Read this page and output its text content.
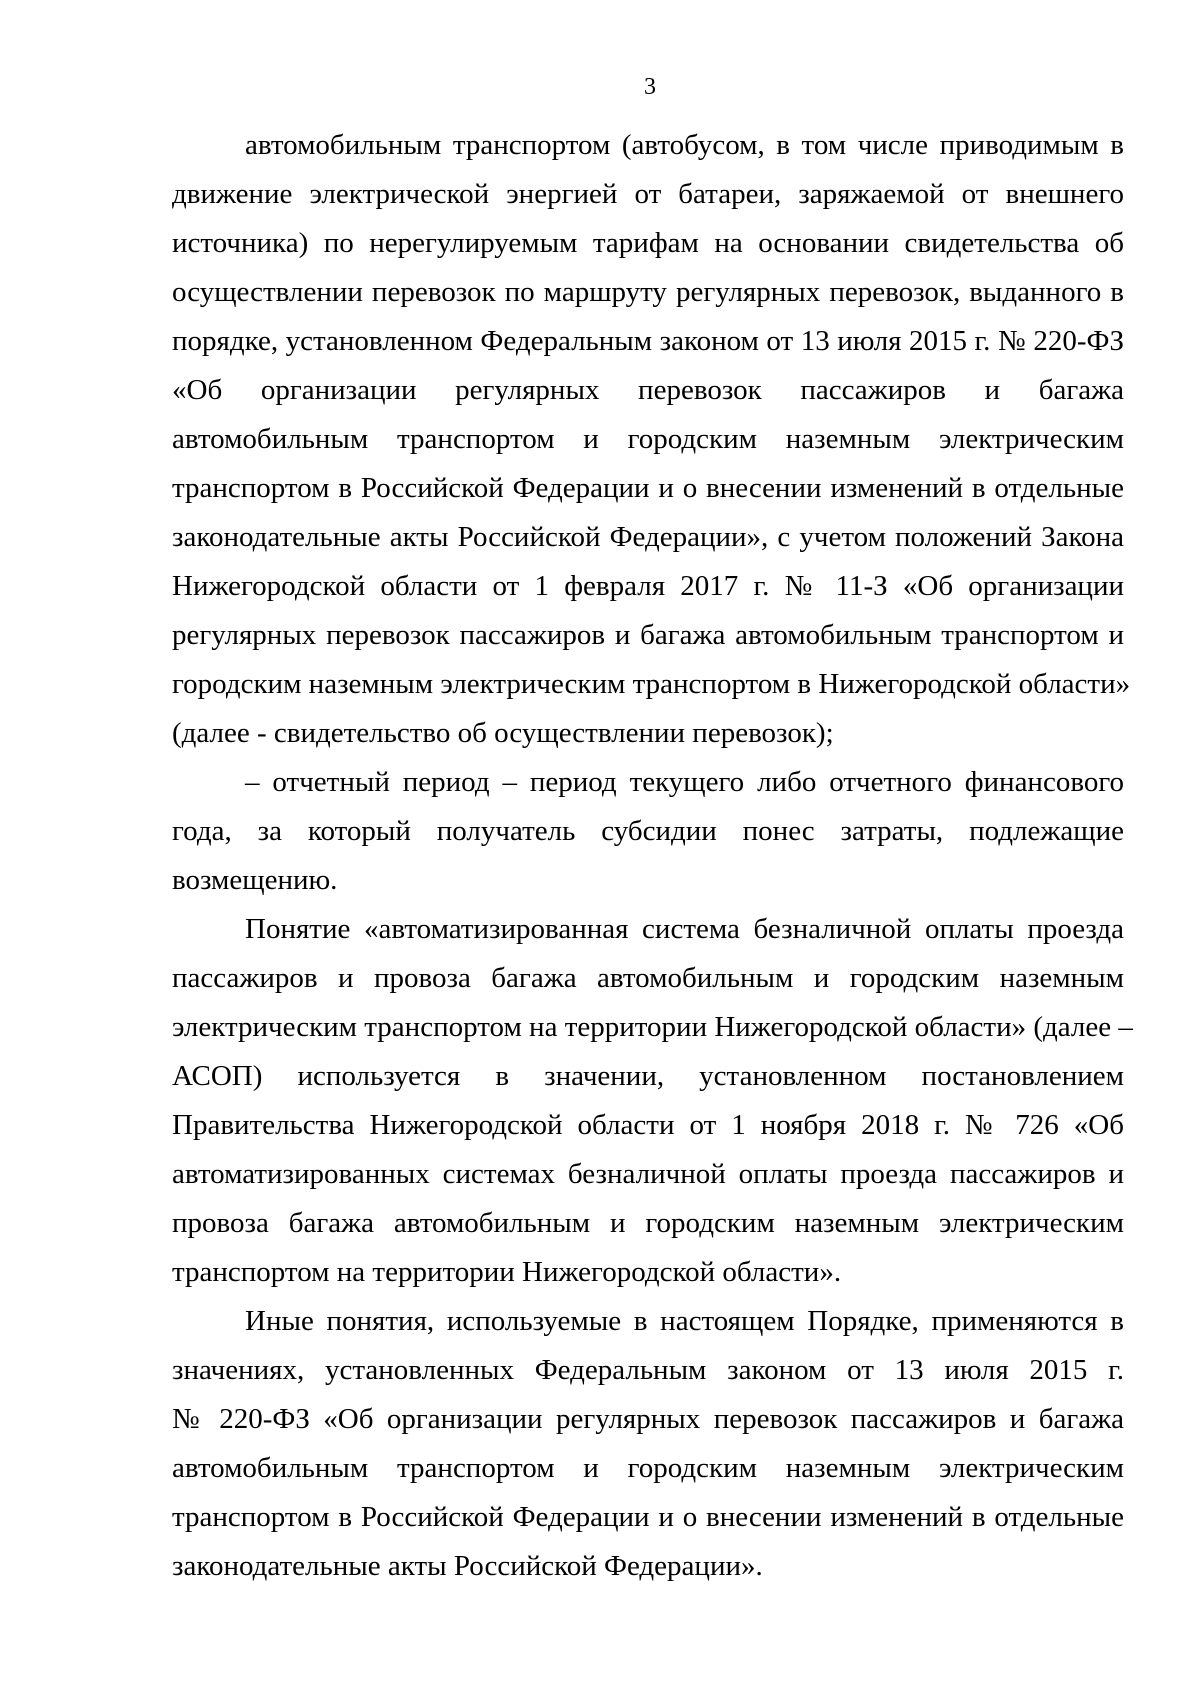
3
автомобильным транспортом (автобусом, в том числе приводимым в
движение электрической энергией от батареи, заряжаемой от внешнего
источника) по нерегулируемым тарифам на основании свидетельства об
осуществлении перевозок по маршруту регулярных перевозок, выданного в
порядке, установленном Федеральным законом от 13 июля 2015 г. № 220-ФЗ
«Об организации регулярных перевозок пассажиров и багажа
автомобильным транспортом и городским наземным электрическим
транспортом в Российской Федерации и о внесении изменений в отдельные
законодательные акты Российской Федерации», с учетом положений Закона
Нижегородской области от 1 февраля 2017 г. № 11-З «Об организации
регулярных перевозок пассажиров и багажа автомобильным транспортом и
городским наземным электрическим транспортом в Нижегородской области»
(далее - свидетельство об осуществлении перевозок);
– отчетный период – период текущего либо отчетного финансового
года, за который получатель субсидии понес затраты, подлежащие
возмещению.
Понятие «автоматизированная система безналичной оплаты проезда
пассажиров и провоза багажа автомобильным и городским наземным
электрическим транспортом на территории Нижегородской области» (далее –
АСОП) используется в значении, установленном постановлением
Правительства Нижегородской области от 1 ноября 2018 г. № 726 «Об
автоматизированных системах безналичной оплаты проезда пассажиров и
провоза багажа автомобильным и городским наземным электрическим
транспортом на территории Нижегородской области».
Иные понятия, используемые в настоящем Порядке, применяются в
значениях, установленных Федеральным законом от 13 июля 2015 г.
№ 220-ФЗ «Об организации регулярных перевозок пассажиров и багажа
автомобильным транспортом и городским наземным электрическим
транспортом в Российской Федерации и о внесении изменений в отдельные
законодательные акты Российской Федерации».
